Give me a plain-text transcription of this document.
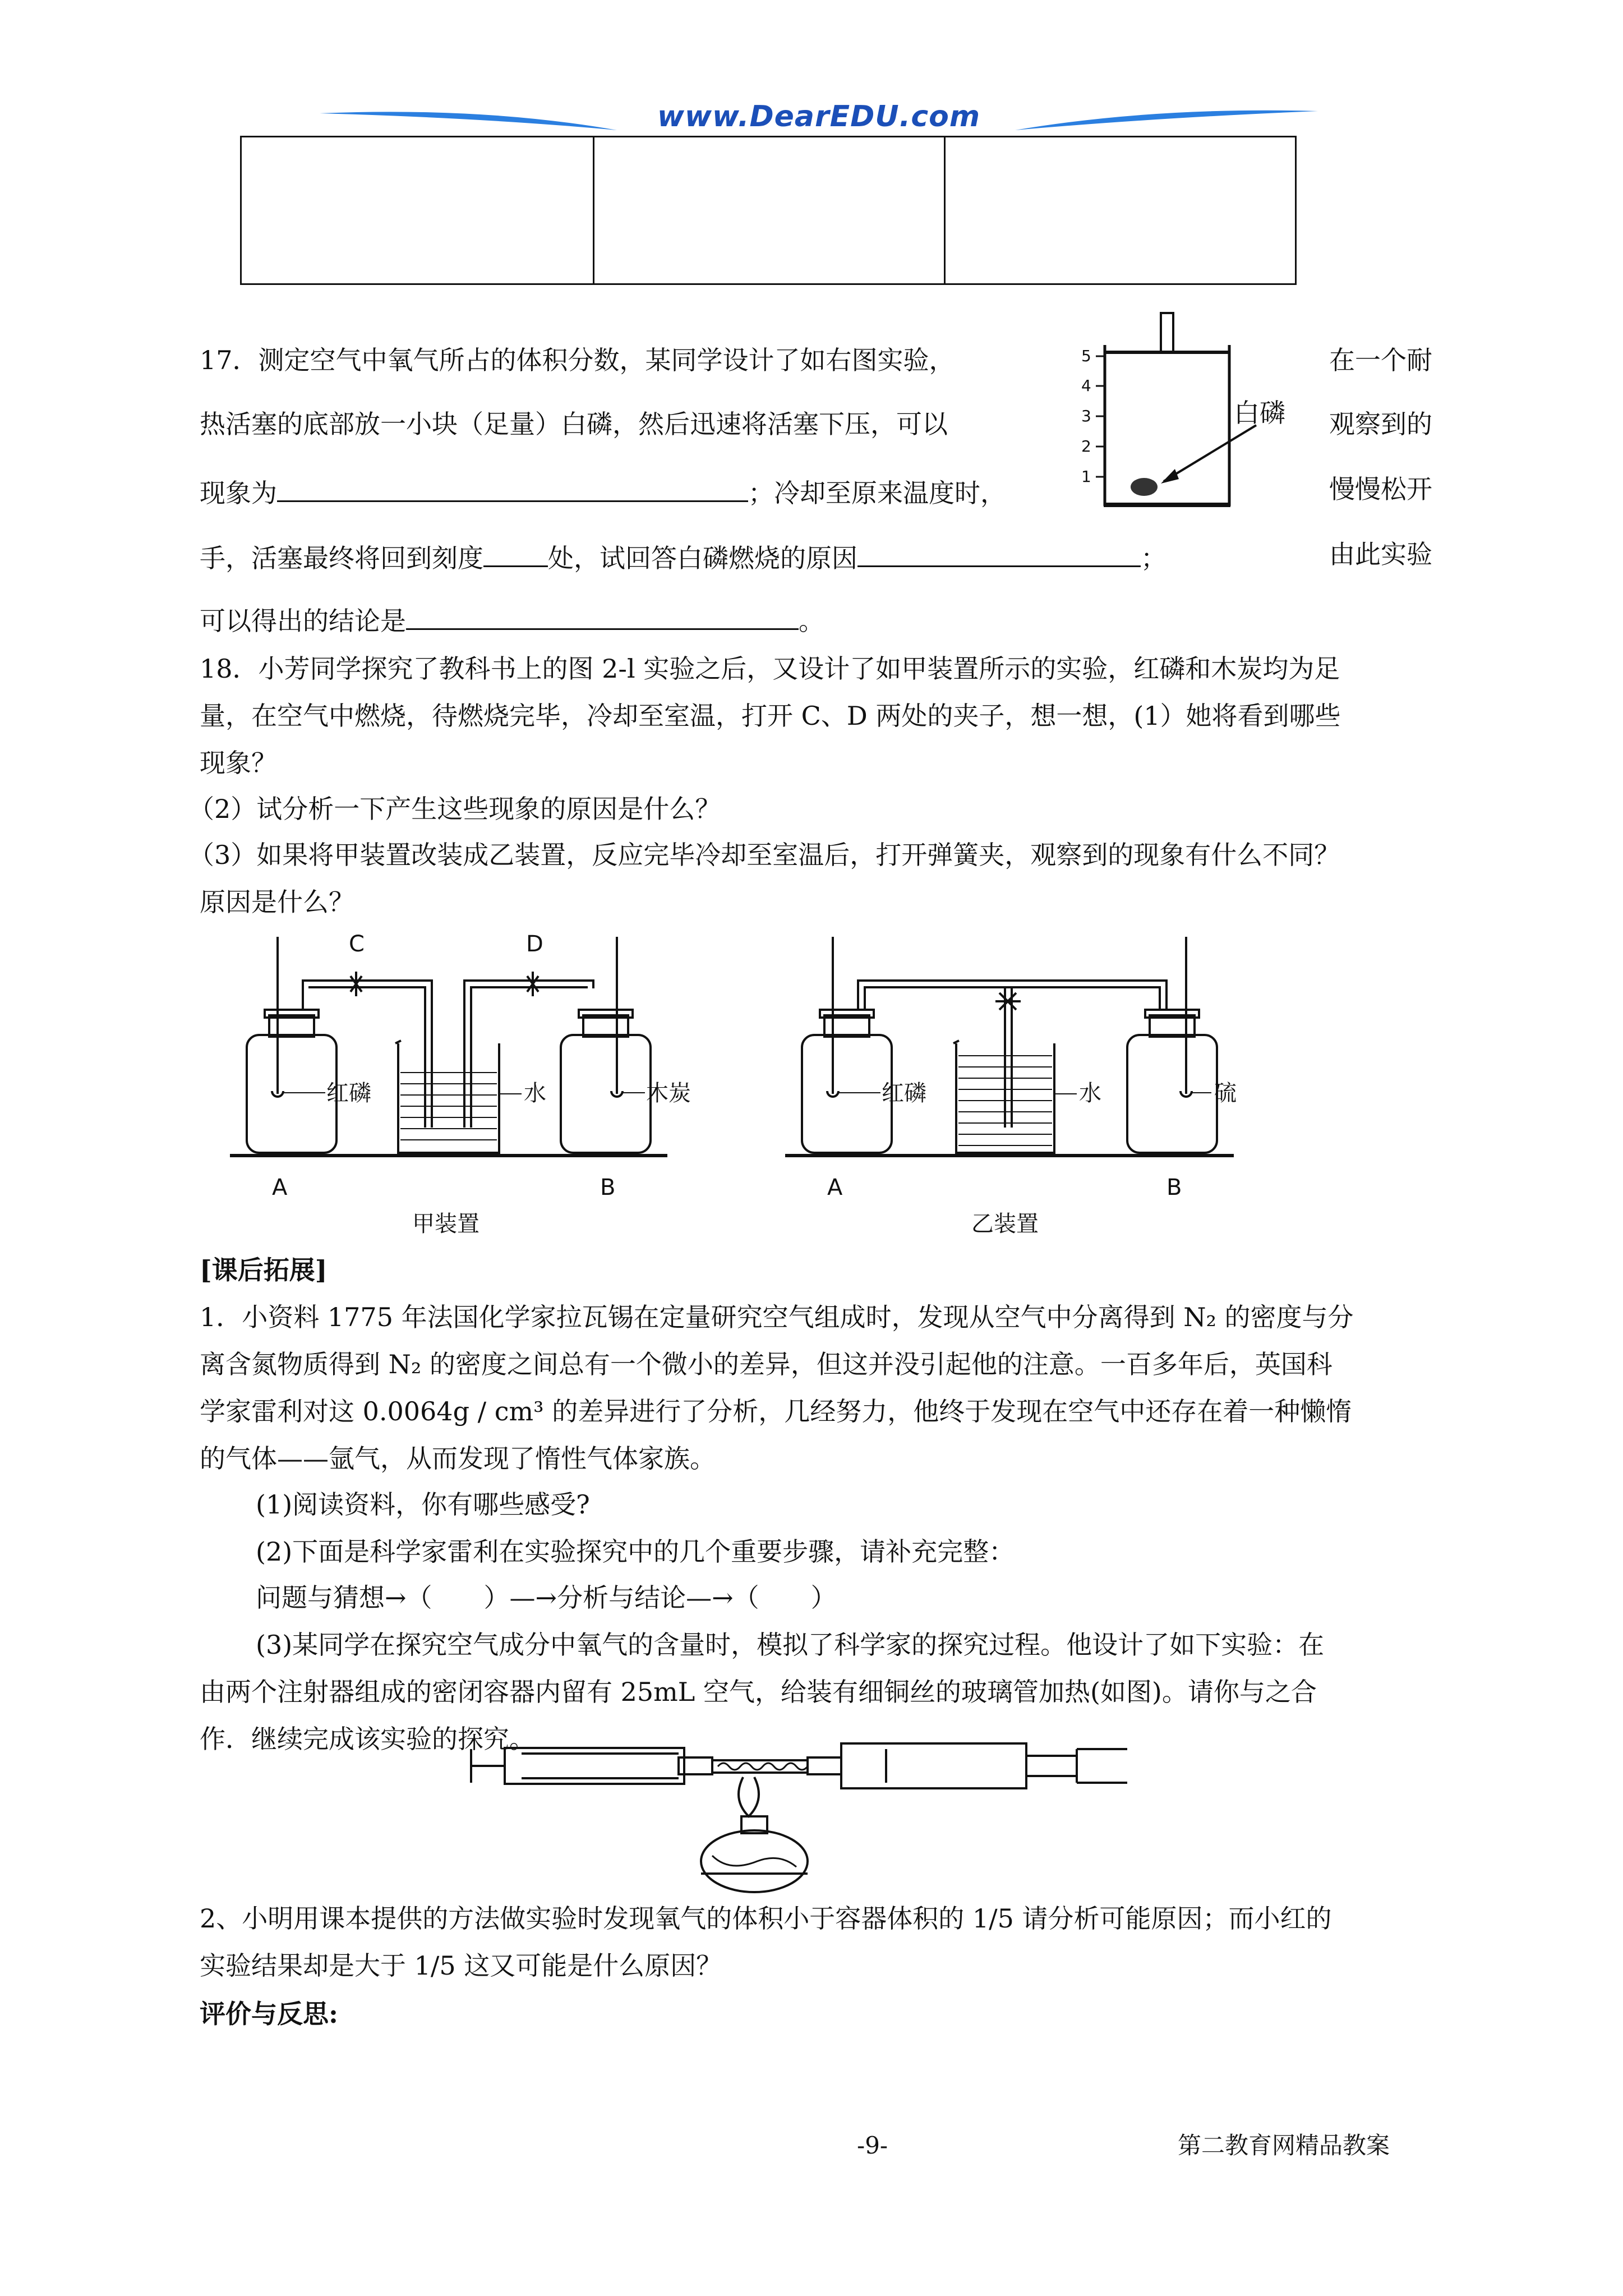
www.DearEDU.com
17．测定空气中氧气所占的体积分数，某同学设计了如右图实验，	在一个耐
热活塞的底部放一小块（足量）白磷，然后迅速将活塞下压，可以	观察到的
现象为	；冷却至原来温度时，	慢慢松开
手，活塞最终将回到刻度	处，试回答白磷燃烧的原因	；	由此实验
可以得出的结论是	。
5
4
3
2
1
白磷
18．小芳同学探究了教科书上的图 2-l 实验之后，又设计了如甲装置所示的实验，红磷和木炭均为足
量，在空气中燃烧，待燃烧完毕，冷却至室温，打开 C、D 两处的夹子，想一想，(1）她将看到哪些
现象？
（2）试分析一下产生这些现象的原因是什么？
（3）如果将甲装置改装成乙装置，反应完毕冷却至室温后，打开弹簧夹，观察到的现象有什么不同？
原因是什么？
C	D
红磷	水	木炭
A	B
甲装置
红磷	水	硫
A	B
乙装置
[课后拓展]
1．小资料 1775 年法国化学家拉瓦锡在定量研究空气组成时，发现从空气中分离得到 N₂ 的密度与分
离含氮物质得到 N₂ 的密度之间总有一个微小的差异，但这并没引起他的注意。一百多年后，英国科
学家雷利对这 0.0064g / cm³ 的差异进行了分析，几经努力，他终于发现在空气中还存在着一种懒惰
的气体——氩气，从而发现了惰性气体家族。
(1)阅读资料，你有哪些感受?
(2)下面是科学家雷利在实验探究中的几个重要步骤，请补充完整：
问题与猜想→（　　）—→分析与结论—→（　　）
(3)某同学在探究空气成分中氧气的含量时，模拟了科学家的探究过程。他设计了如下实验：在
由两个注射器组成的密闭容器内留有 25mL 空气，给装有细铜丝的玻璃管加热(如图)。请你与之合
作．继续完成该实验的探究。
2、小明用课本提供的方法做实验时发现氧气的体积小于容器体积的 1/5 请分析可能原因；而小红的
实验结果却是大于 1/5 这又可能是什么原因？
评价与反思:
-9-	第二教育网精品教案
